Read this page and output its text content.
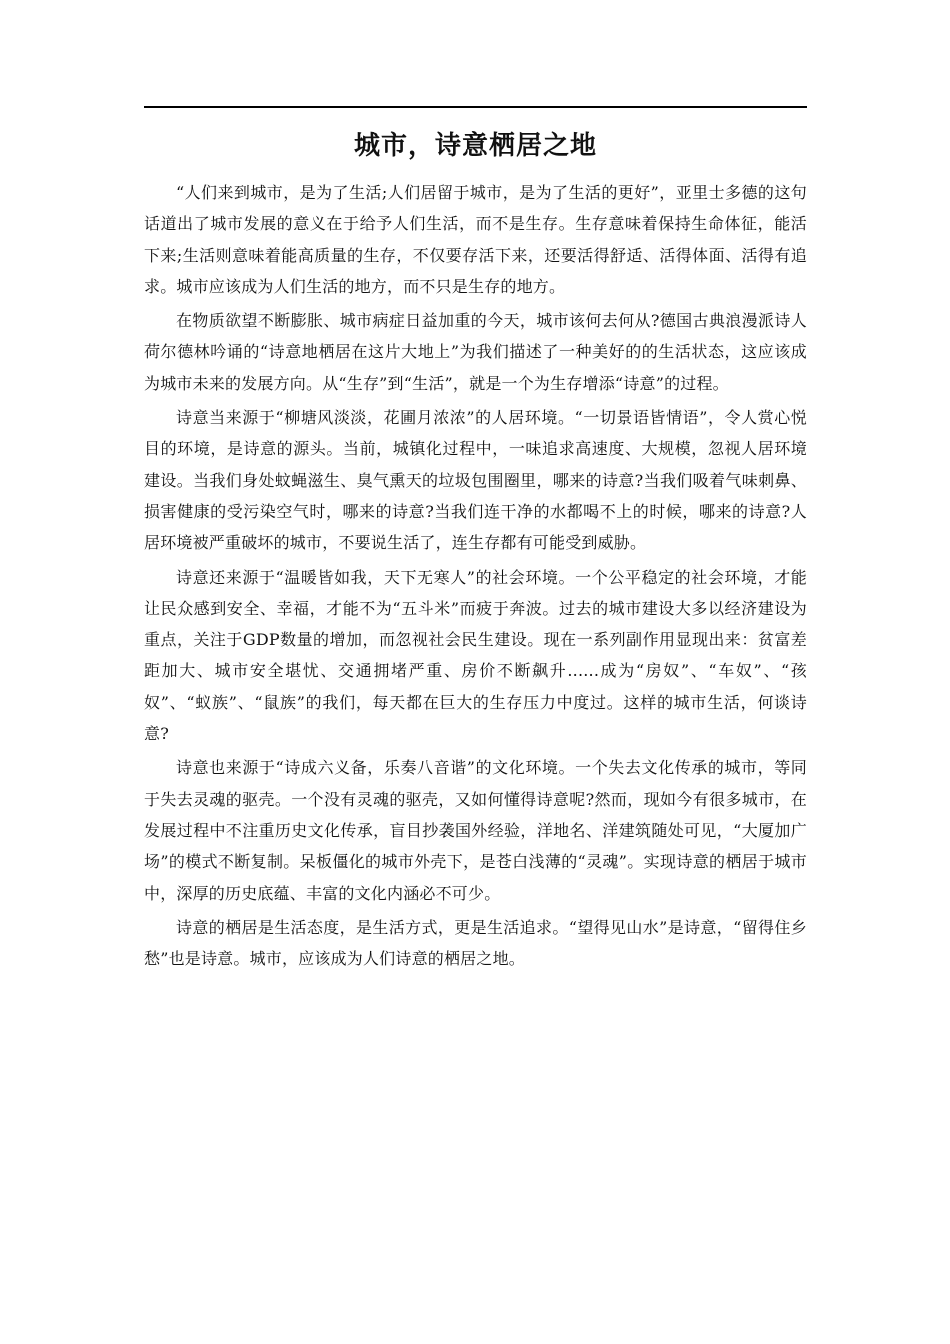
城市，诗意栖居之地

“人们来到城市，是为了生活;人们居留于城市，是为了生活的更好”，亚里士多德的这句话道出了城市发展的意义在于给予人们生活，而不是生存。生存意味着保持生命体征，能活下来;生活则意味着能高质量的生存，不仅要存活下来，还要活得舒适、活得体面、活得有追求。城市应该成为人们生活的地方，而不只是生存的地方。

在物质欲望不断膨胀、城市病症日益加重的今天，城市该何去何从?德国古典浪漫派诗人荷尔德林吟诵的“诗意地栖居在这片大地上”为我们描述了一种美好的的生活状态，这应该成为城市未来的发展方向。从“生存”到“生活”，就是一个为生存增添“诗意”的过程。

诗意当来源于“柳塘风淡淡，花圃月浓浓”的人居环境。“一切景语皆情语”，令人赏心悦目的环境，是诗意的源头。当前，城镇化过程中，一味追求高速度、大规模，忽视人居环境建设。当我们身处蚊蝇滋生、臭气熏天的垃圾包围圈里，哪来的诗意?当我们吸着气味刺鼻、损害健康的受污染空气时，哪来的诗意?当我们连干净的水都喝不上的时候，哪来的诗意?人居环境被严重破坏的城市，不要说生活了，连生存都有可能受到威胁。

诗意还来源于“温暖皆如我，天下无寒人”的社会环境。一个公平稳定的社会环境，才能让民众感到安全、幸福，才能不为“五斗米”而疲于奔波。过去的城市建设大多以经济建设为重点，关注于GDP数量的增加，而忽视社会民生建设。现在一系列副作用显现出来：贫富差距加大、城市安全堪忧、交通拥堵严重、房价不断飙升......成为“房奴”、“车奴”、“孩奴”、“蚁族”、“鼠族”的我们，每天都在巨大的生存压力中度过。这样的城市生活，何谈诗意?

诗意也来源于“诗成六义备，乐奏八音谐”的文化环境。一个失去文化传承的城市，等同于失去灵魂的驱壳。一个没有灵魂的驱壳，又如何懂得诗意呢?然而，现如今有很多城市，在发展过程中不注重历史文化传承，盲目抄袭国外经验，洋地名、洋建筑随处可见，“大厦加广场”的模式不断复制。呆板僵化的城市外壳下，是苍白浅薄的“灵魂”。实现诗意的栖居于城市中，深厚的历史底蕴、丰富的文化内涵必不可少。

诗意的栖居是生活态度，是生活方式，更是生活追求。“望得见山水”是诗意，“留得住乡愁”也是诗意。城市，应该成为人们诗意的栖居之地。
